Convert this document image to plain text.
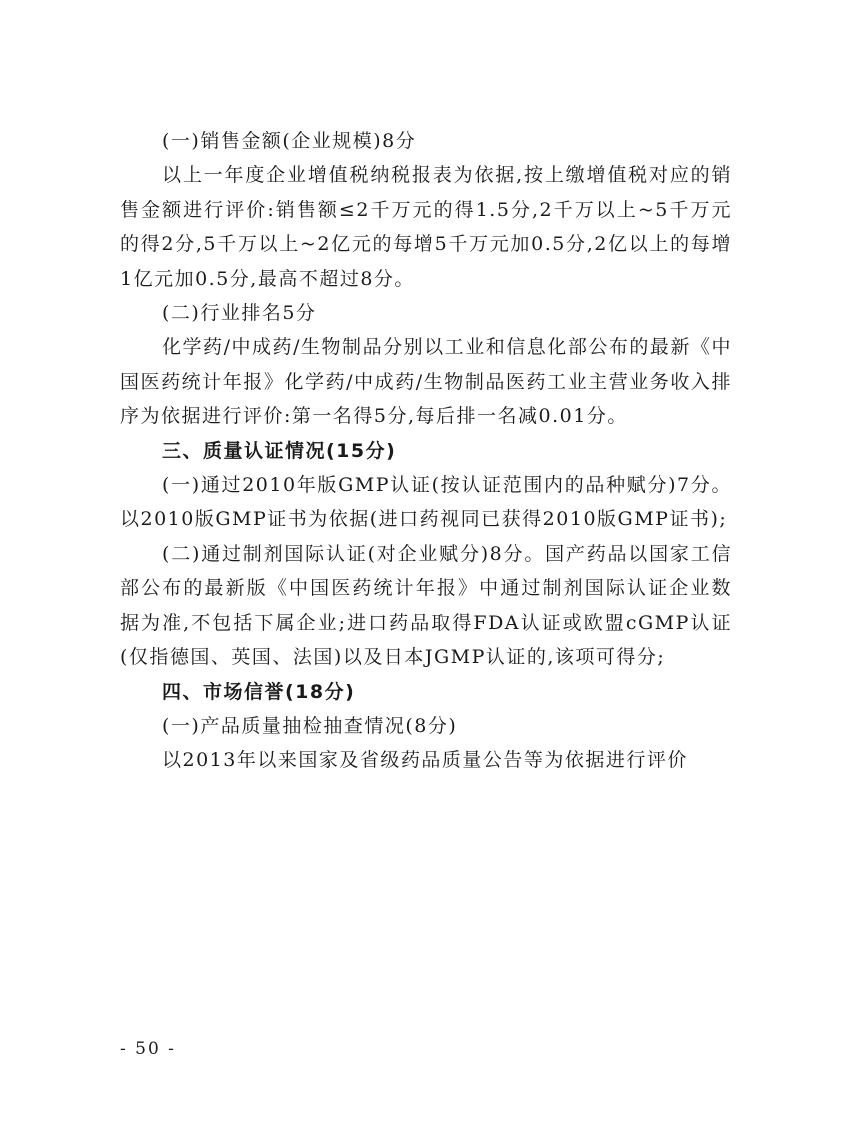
(一)销售金额(企业规模)8分

以上一年度企业增值税纳税报表为依据,按上缴增值税对应的销售金额进行评价:销售额≤2千万元的得1.5分,2千万以上~5千万元的得2分,5千万以上~2亿元的每增5千万元加0.5分,2亿以上的每增1亿元加0.5分,最高不超过8分。

(二)行业排名5分

化学药/中成药/生物制品分别以工业和信息化部公布的最新《中国医药统计年报》化学药/中成药/生物制品医药工业主营业务收入排序为依据进行评价:第一名得5分,每后排一名减0.01分。

三、质量认证情况(15分)

(一)通过2010年版GMP认证(按认证范围内的品种赋分)7分。以2010版GMP证书为依据(进口药视同已获得2010版GMP证书);

(二)通过制剂国际认证(对企业赋分)8分。国产药品以国家工信部公布的最新版《中国医药统计年报》中通过制剂国际认证企业数据为准,不包括下属企业;进口药品取得FDA认证或欧盟cGMP认证(仅指德国、英国、法国)以及日本JGMP认证的,该项可得分;

四、市场信誉(18分)

(一)产品质量抽检抽查情况(8分)

以2013年以来国家及省级药品质量公告等为依据进行评价

- 50 -
